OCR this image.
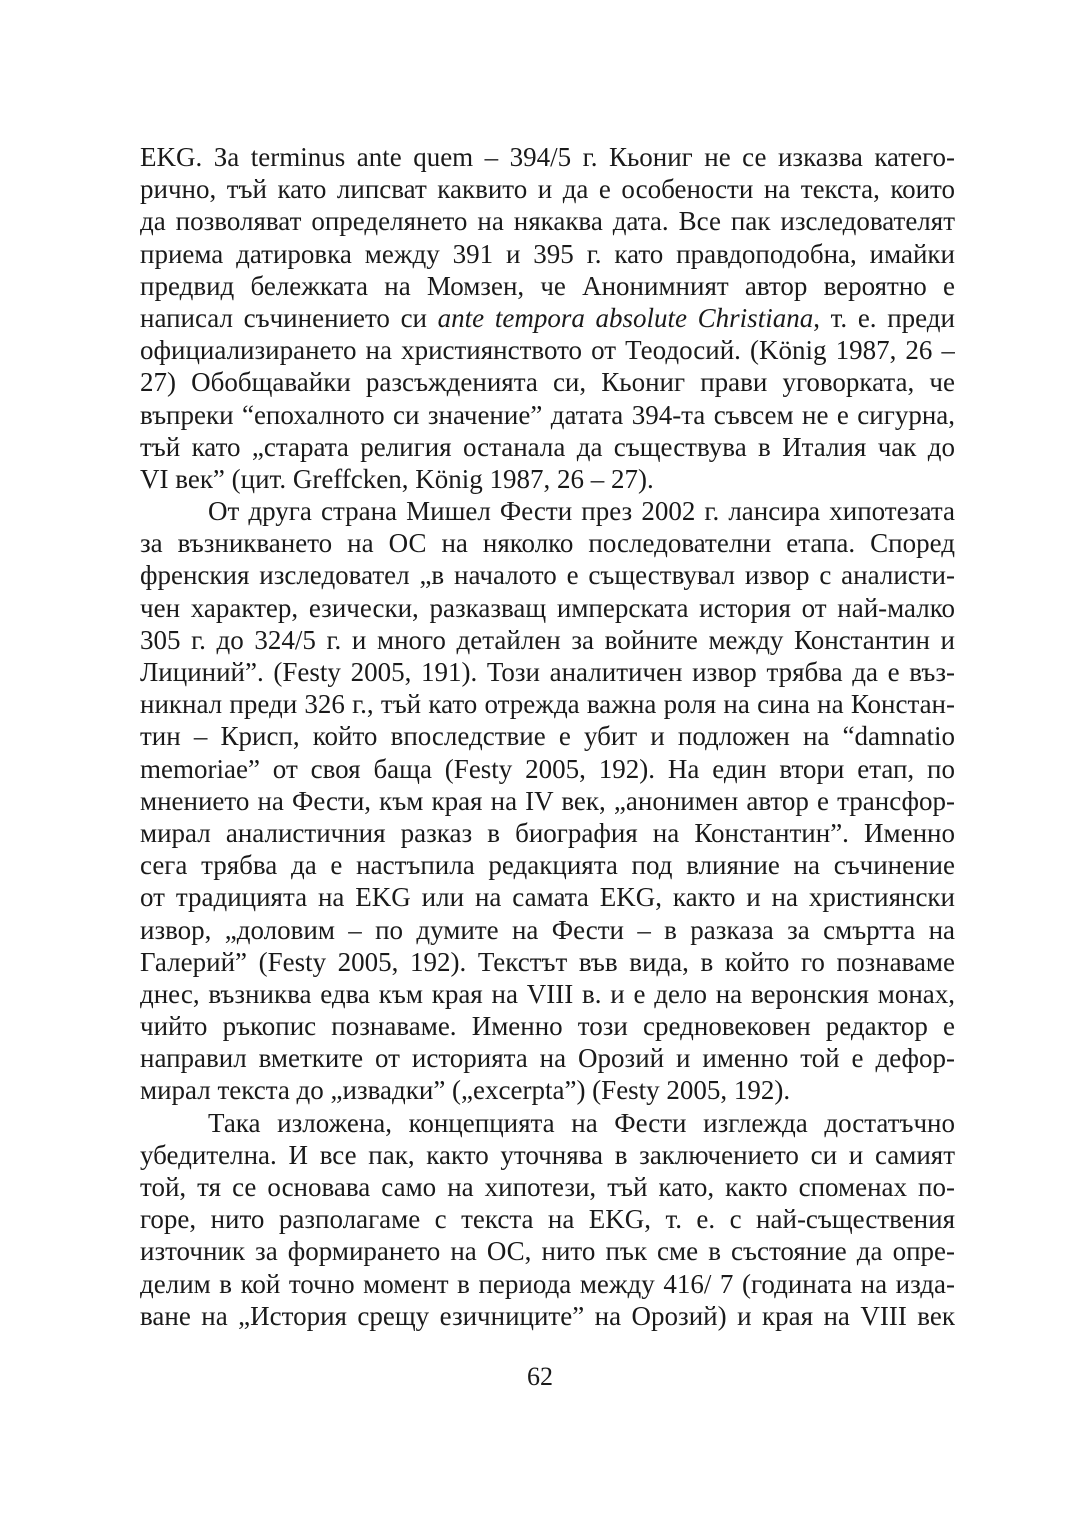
EKG. За terminus ante quem – 394/5 г. Кьониг не се изказва катего-
рично, тъй като липсват каквито и да е особености на текста, които
да позволяват определянето на някаква дата. Все пак изследователят
приема датировка между 391 и 395 г. като правдоподобна, имайки
предвид бележката на Момзен, че Анонимният автор вероятно е
написал съчинението си ante tempora absolute Christiana, т. е. преди
официализирането на християнството от Теодосий. (König 1987, 26 –
27) Обобщавайки разсъжденията си, Кьониг прави уговорката, че
въпреки “епохалното си значение” датата 394-та съвсем не е сигурна,
тъй като „старата религия останала да съществува в Италия чак до
VI век” (цит. Greffcken, König 1987, 26 – 27).
От друга страна Мишел Фести през 2002 г. лансира хипотезата
за възникването на ОС на няколко последователни етапа. Според
френския изследовател „в началото е съществувал извор с аналисти-
чен характер, езически, разказващ имперската история от най-малко
305 г. до 324/5 г. и много детайлен за войните между Константин и
Лициний”. (Festy 2005, 191). Този аналитичен извор трябва да е въз-
никнал преди 326 г., тъй като отрежда важна роля на сина на Констан-
тин – Крисп, който впоследствие е убит и подложен на “damnatio
memoriae” от своя баща (Festy 2005, 192). На един втори етап, по
мнението на Фести, към края на IV век, „анонимен автор е трансфор-
мирал аналистичния разказ в биография на Константин”. Именно
сега трябва да е настъпила редакцията под влияние на съчинение
от традицията на EKG или на самата EKG, както и на християнски
извор, „доловим – по думите на Фести – в разказа за смъртта на
Галерий” (Festy 2005, 192). Текстът във вида, в който го познаваме
днес, възниква едва към края на VIII в. и е дело на веронския монах,
чийто ръкопис познаваме. Именно този средновековен редактор е
направил вметките от историята на Орозий и именно той е дефор-
мирал текста до „извадки” („excerpta”) (Festy 2005, 192).
Така изложена, концепцията на Фести изглежда достатъчно
убедителна. И все пак, както уточнява в заключението си и самият
той, тя се основава само на хипотези, тъй като, както споменах по-
горе, нито разполагаме с текста на EKG, т. е. с най-съществения
източник за формирането на ОС, нито пък сме в състояние да опре-
делим в кой точно момент в периода между 416/ 7 (годината на изда-
ване на „История срещу езичниците” на Орозий) и края на VIII век
62
